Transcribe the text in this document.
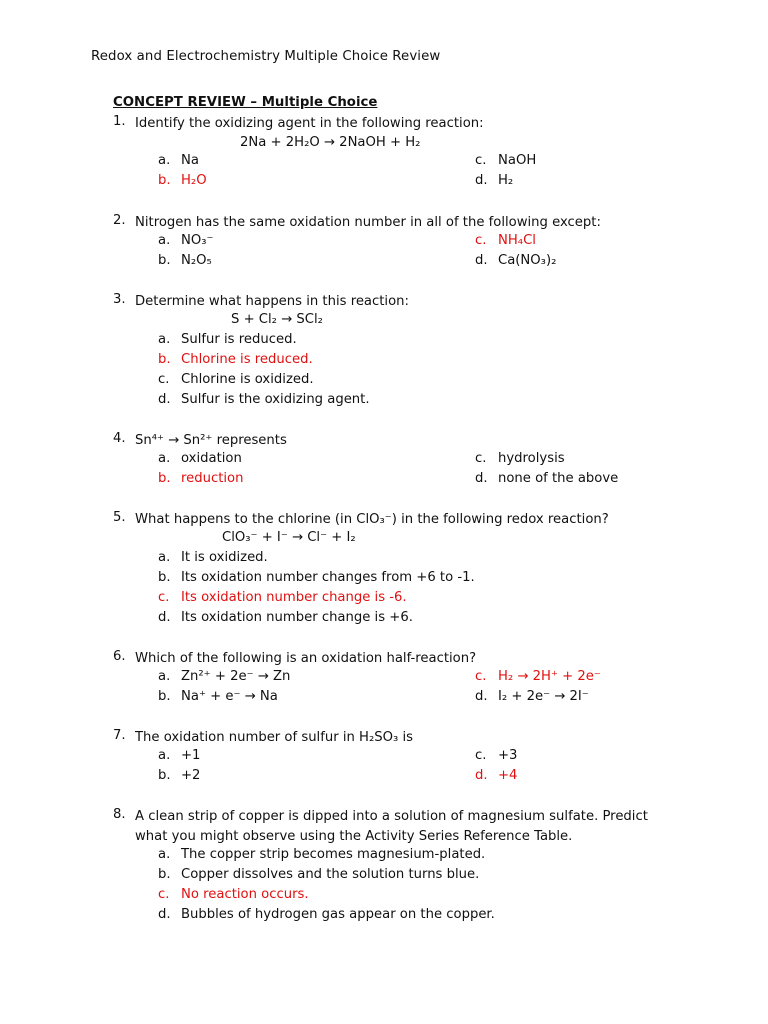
Redox and Electrochemistry Multiple Choice Review
CONCEPT REVIEW – Multiple Choice
1. Identify the oxidizing agent in the following reaction:
2Na + 2H₂O → 2NaOH + H₂
a. Na
b. H₂O
c. NaOH
d. H₂
2. Nitrogen has the same oxidation number in all of the following except:
a. NO₃⁻
b. N₂O₅
c. NH₄Cl
d. Ca(NO₃)₂
3. Determine what happens in this reaction:
S + Cl₂ → SCl₂
a. Sulfur is reduced.
b. Chlorine is reduced.
c. Chlorine is oxidized.
d. Sulfur is the oxidizing agent.
4. Sn⁴⁺ → Sn²⁺ represents
a. oxidation
b. reduction
c. hydrolysis
d. none of the above
5. What happens to the chlorine (in ClO₃⁻) in the following redox reaction?
ClO₃⁻ + I⁻ → Cl⁻ + I₂
a. It is oxidized.
b. Its oxidation number changes from +6 to -1.
c. Its oxidation number change is -6.
d. Its oxidation number change is +6.
6. Which of the following is an oxidation half-reaction?
a. Zn²⁺ + 2e⁻ → Zn
b. Na⁺ + e⁻ → Na
c. H₂ → 2H⁺ + 2e⁻
d. I₂ + 2e⁻ → 2I⁻
7. The oxidation number of sulfur in H₂SO₃ is
a. +1
b. +2
c. +3
d. +4
8. A clean strip of copper is dipped into a solution of magnesium sulfate. Predict what you might observe using the Activity Series Reference Table.
a. The copper strip becomes magnesium-plated.
b. Copper dissolves and the solution turns blue.
c. No reaction occurs.
d. Bubbles of hydrogen gas appear on the copper.
